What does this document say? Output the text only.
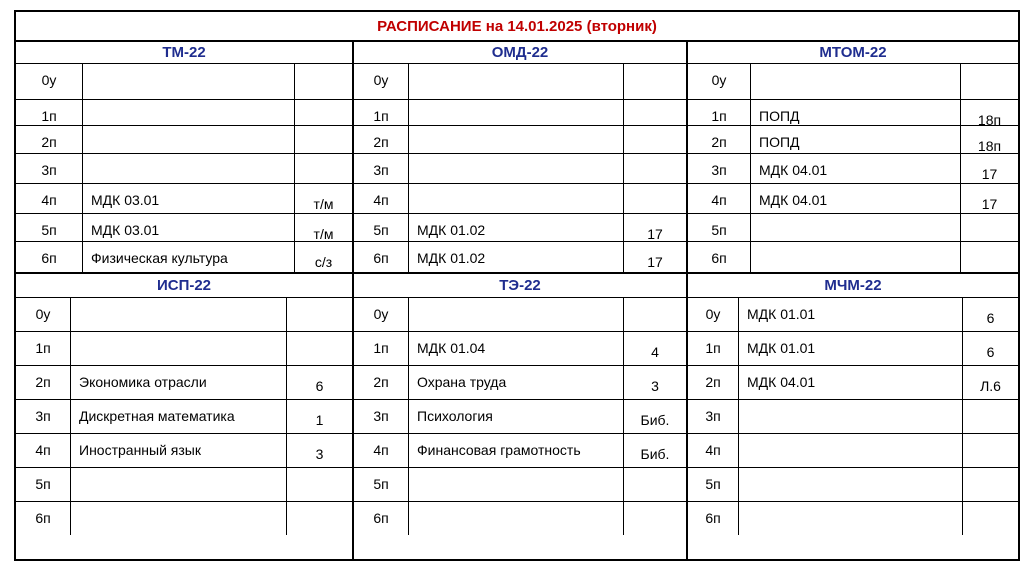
РАСПИСАНИЕ на 14.01.2025 (вторник)
ТМ-22
0у
1п
2п
3п
4п	МДК 03.01	т/м
5п	МДК 03.01	т/м
6п	Физическая культура	с/з
ОМД-22
0у
1п
2п
3п
4п
5п	МДК 01.02	17
6п	МДК 01.02	17
МТОМ-22
0у
1п	ПОПД	18п
2п	ПОПД	18п
3п	МДК 04.01	17
4п	МДК 04.01	17
5п
6п
ИСП-22
0у
1п
2п	Экономика отрасли	6
3п	Дискретная математика	1
4п	Иностранный язык	3
5п
6п
ТЭ-22
0у
1п	МДК 01.04	4
2п	Охрана труда	3
3п	Психология	Биб.
4п	Финансовая грамотность	Биб.
5п
6п
МЧМ-22
0у	МДК 01.01	6
1п	МДК 01.01	6
2п	МДК 04.01	Л.6
3п
4п
5п
6п
